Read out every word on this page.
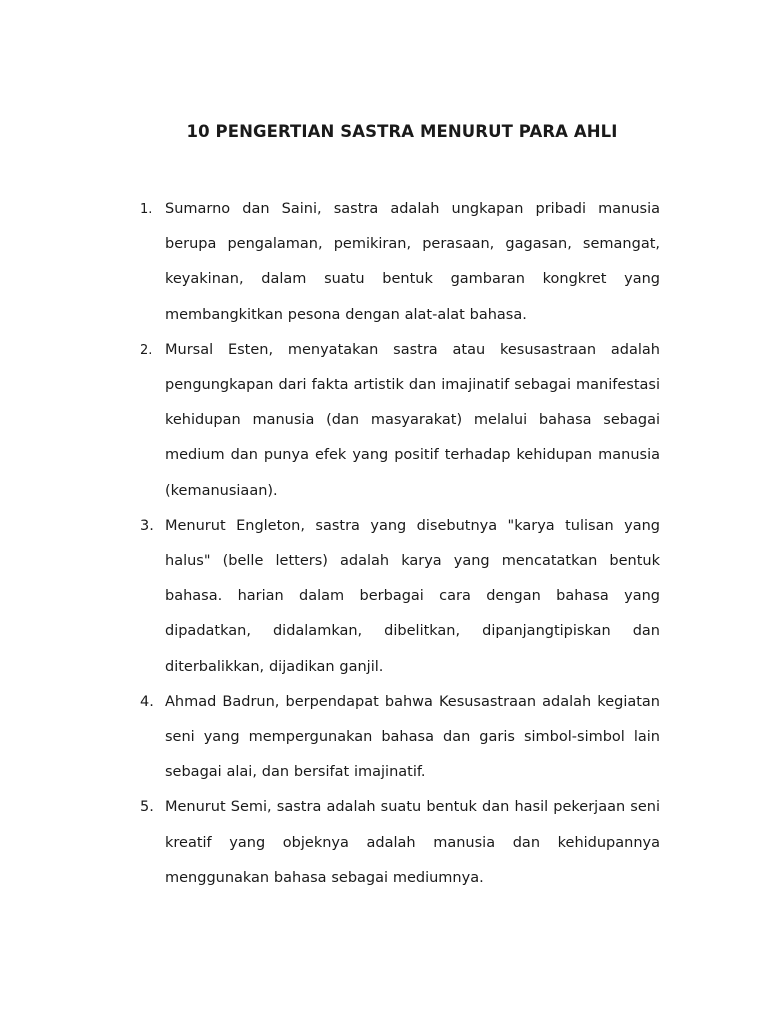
10 PENGERTIAN SASTRA MENURUT PARA AHLI
1. Sumarno dan Saini, sastra adalah ungkapan pribadi manusia berupa pengalaman, pemikiran, perasaan, gagasan, semangat, keyakinan, dalam suatu bentuk gambaran kongkret yang membangkitkan pesona dengan alat-alat bahasa.
2. Mursal Esten, menyatakan sastra atau kesusastraan adalah pengungkapan dari fakta artistik dan imajinatif sebagai manifestasi kehidupan manusia (dan masyarakat) melalui bahasa sebagai medium dan punya efek yang positif terhadap kehidupan manusia (kemanusiaan).
3. Menurut Engleton, sastra yang disebutnya "karya tulisan yang halus" (belle letters) adalah karya yang mencatatkan bentuk bahasa. harian dalam berbagai cara dengan bahasa yang dipadatkan, didalamkan, dibelitkan, dipanjangtipiskan dan diterbalikkan, dijadikan ganjil.
4. Ahmad Badrun, berpendapat bahwa Kesusastraan adalah kegiatan seni yang mempergunakan bahasa dan garis simbol-simbol lain sebagai alai, dan bersifat imajinatif.
5. Menurut Semi, sastra adalah suatu bentuk dan hasil pekerjaan seni kreatif yang objeknya adalah manusia dan kehidupannya menggunakan bahasa sebagai mediumnya.
